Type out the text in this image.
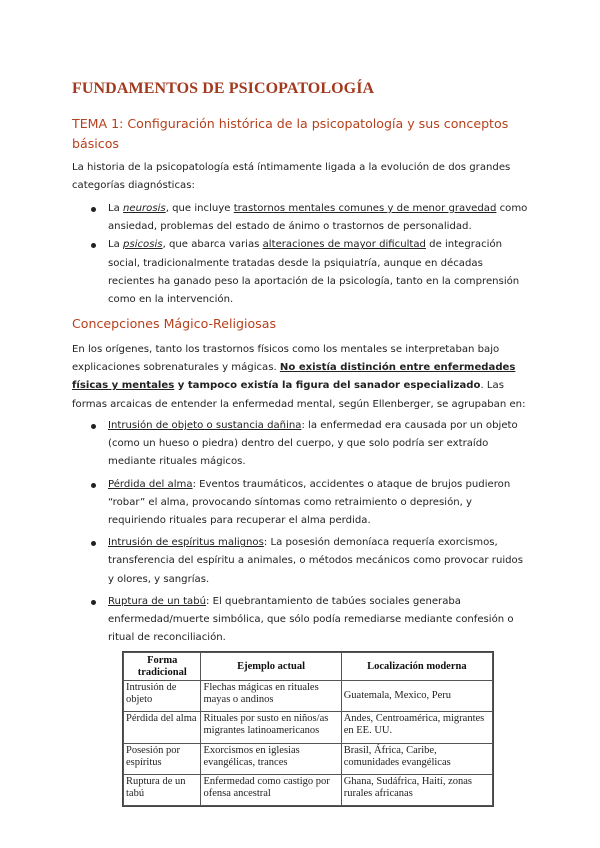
FUNDAMENTOS DE PSICOPATOLOGÍA
TEMA 1: Configuración histórica de la psicopatología y sus conceptos básicos

La historia de la psicopatología está íntimamente ligada a la evolución de dos grandes categorías diagnósticas:

La neurosis, que incluye trastornos mentales comunes y de menor gravedad como ansiedad, problemas del estado de ánimo o trastornos de personalidad.
La psicosis, que abarca varias alteraciones de mayor dificultad de integración social, tradicionalmente tratadas desde la psiquiatría, aunque en décadas recientes ha ganado peso la aportación de la psicología, tanto en la comprensión como en la intervención.
Concepciones Mágico-Religiosas

En los orígenes, tanto los trastornos físicos como los mentales se interpretaban bajo explicaciones sobrenaturales y mágicas. No existía distinción entre enfermedades físicas y mentales y tampoco existía la figura del sanador especializado. Las formas arcaicas de entender la enfermedad mental, según Ellenberger, se agrupaban en:

Intrusión de objeto o sustancia dañina: la enfermedad era causada por un objeto (como un hueso o piedra) dentro del cuerpo, y que solo podría ser extraído mediante rituales mágicos.
Pérdida del alma: Eventos traumáticos, accidentes o ataque de brujos pudieron “robar” el alma, provocando síntomas como retraimiento o depresión, y requiriendo rituales para recuperar el alma perdida.
Intrusión de espíritus malignos: La posesión demoníaca requería exorcismos, transferencia del espíritu a animales, o métodos mecánicos como provocar ruidos y olores, y sangrías.
Ruptura de un tabú: El quebrantamiento de tabúes sociales generaba enfermedad/muerte simbólica, que sólo podía remediarse mediante confesión o ritual de reconciliación.
Forma tradicional	Ejemplo actual	Localización moderna
Intrusión de objeto	Flechas mágicas en rituales mayas o andinos	Guatemala, Mexico, Peru
Pérdida del alma	Rituales por susto en niños/as migrantes latinoamericanos	Andes, Centroamérica, migrantes en EE. UU.
Posesión por espíritus	Exorcismos en iglesias evangélicas, trances	Brasil, África, Caribe, comunidades evangélicas
Ruptura de un tabú	Enfermedad como castigo por ofensa ancestral	Ghana, Sudáfrica, Haití, zonas rurales africanas
